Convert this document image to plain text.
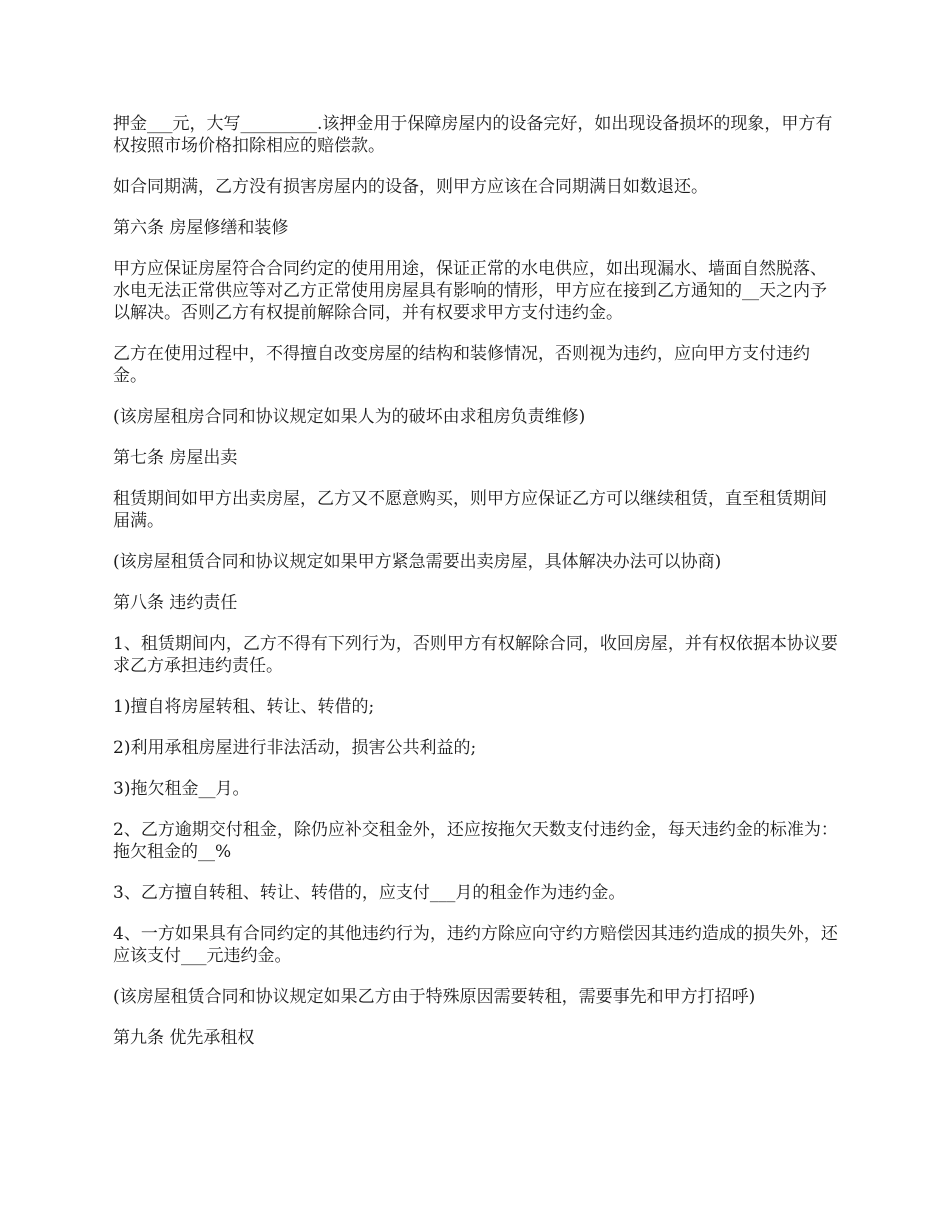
押金___元，大写_________.该押金用于保障房屋内的设备完好，如出现设备损坏的现象，甲方有权按照市场价格扣除相应的赔偿款。

如合同期满，乙方没有损害房屋内的设备，则甲方应该在合同期满日如数退还。

第六条 房屋修缮和装修

甲方应保证房屋符合合同约定的使用用途，保证正常的水电供应，如出现漏水、墙面自然脱落、水电无法正常供应等对乙方正常使用房屋具有影响的情形，甲方应在接到乙方通知的__天之内予以解决。否则乙方有权提前解除合同，并有权要求甲方支付违约金。

乙方在使用过程中，不得擅自改变房屋的结构和装修情况，否则视为违约，应向甲方支付违约金。

(该房屋租房合同和协议规定如果人为的破坏由求租房负责维修)

第七条 房屋出卖

租赁期间如甲方出卖房屋，乙方又不愿意购买，则甲方应保证乙方可以继续租赁，直至租赁期间届满。

(该房屋租赁合同和协议规定如果甲方紧急需要出卖房屋，具体解决办法可以协商)

第八条 违约责任

1、租赁期间内，乙方不得有下列行为，否则甲方有权解除合同，收回房屋，并有权依据本协议要求乙方承担违约责任。

1)擅自将房屋转租、转让、转借的;

2)利用承租房屋进行非法活动，损害公共利益的;

3)拖欠租金__月。

2、乙方逾期交付租金，除仍应补交租金外，还应按拖欠天数支付违约金，每天违约金的标准为：拖欠租金的__%

3、乙方擅自转租、转让、转借的，应支付___月的租金作为违约金。

4、一方如果具有合同约定的其他违约行为，违约方除应向守约方赔偿因其违约造成的损失外，还应该支付___元违约金。

(该房屋租赁合同和协议规定如果乙方由于特殊原因需要转租，需要事先和甲方打招呼)

第九条 优先承租权
